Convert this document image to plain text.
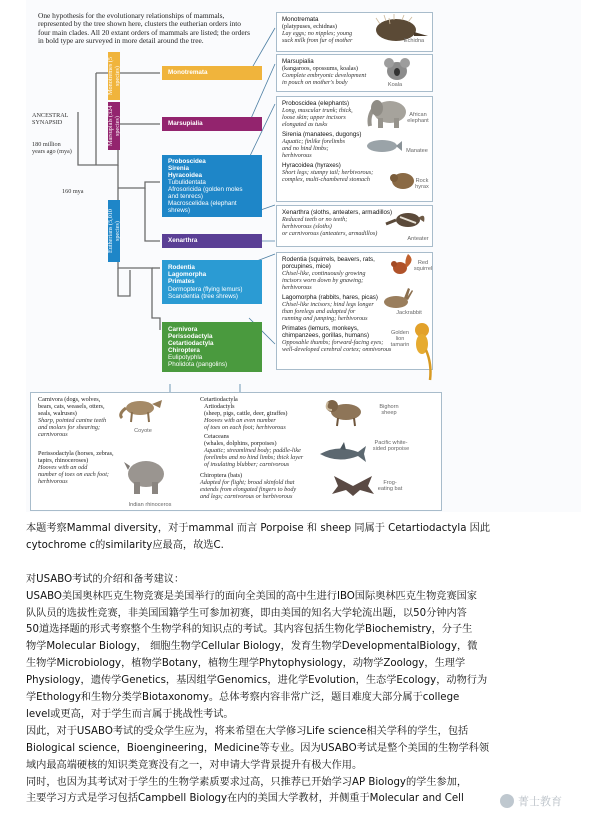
One hypothesis for the evolutionary relationships of mammals, represented by the tree shown here, clusters the eutherian orders into four main clades. All 20 extant orders of mammals are listed; the orders in bold type are surveyed in more detail around the tree.
ANCESTRAL SYNAPSID
180 million years ago (mya)
160 mya
Monotremes (5 species)
Marsupials (324 species)
Eutherians (5,010 species)
Monotremata
Marsupialia
Proboscidea
Sirenia
Hyracoidea
Tubulidentata
Afrosoricida (golden moles
and tenrecs)
Macroscelidea (elephant
shrews)
Xenarthra
Rodentia
Lagomorpha
Primates
Dermoptera (flying lemurs)
Scandentia (tree shrews)
Carnivora
Perissodactyla
Cetartiodactyla
Chiroptera
Eulipotyphla
Pholidota (pangolins)
Monotremata
(platypuses, echidnas)
Lay eggs; no nipples; young
suck milk from fur of mother	Echidna
Marsupialia
(kangaroos, opossums, koalas)
Complete embryonic development
in pouch on mother's body	Koala
Proboscidea (elephants)
Long, muscular trunk; thick,
loose skin; upper incisors
elongated as tusks
Sirenia (manatees, dugongs)
Aquatic; finlike forelimbs
and no hind limbs;
herbivorous
Hyracoidea (hyraxes)
Short legs; stumpy tail; herbivorous;
complex, multi-chambered stomach
African elephant
Manatee
Rock hyrax
Xenarthra (sloths, anteaters, armadillos)
Reduced teeth or no teeth;
herbivorous (sloths)
or carnivorous (anteaters, armadillos)
Anteater
Rodentia (squirrels, beavers, rats,
porcupines, mice)
Chisel-like, continuously growing
incisors worn down by gnawing;
herbivorous
Lagomorpha (rabbits, hares, picas)
Chisel-like incisors; hind legs longer
than forelegs and adapted for
running and jumping; herbivorous
Primates (lemurs, monkeys,
chimpanzees, gorillas, humans)
Opposable thumbs; forward-facing eyes;
well-developed cerebral cortex; omnivorous
Red squirrel
Jackrabbit
Golden lion tamarin
Carnivora (dogs, wolves,
bears, cats, weasels, otters,
seals, walruses)
Sharp, pointed canine teeth
and molars for shearing;
carnivorous	Coyote
Perissodactyla (horses, zebras,
tapirs, rhinoceroses)
Hooves with an odd
number of toes on each foot;
herbivorous
Indian rhinoceros
Cetartiodactyla
Artiodactyls
(sheep, pigs, cattle, deer, giraffes)
Hooves with an even number
of toes on each foot; herbivorous
Cetaceans
(whales, dolphins, porpoises)
Aquatic; streamlined body; paddle-like
forelimbs and no hind limbs; thick layer
of insulating blubber; carnivorous
Chiroptera (bats)
Adapted for flight; broad skinfold that
extends from elongated fingers to body
and legs; carnivorous or herbivorous
Bighorn sheep
Pacific white-sided porpoise
Frog-eating bat

本题考察Mammal diversity，对于mammal 而言 Porpoise 和 sheep 同属于 Cetartiodactyla 因此

cytochrome c的similarity应最高，故选C.

对USABO考试的介绍和备考建议：

USABO美国奥林匹克生物竞赛是美国举行的面向全美国的高中生进行IBO国际奥林匹克生物竞赛国家

队队员的选拔性竞赛，非美国国籍学生可参加初赛，即由美国的知名大学轮流出题，以50分钟内答

50道选择题的形式考察整个生物学科的知识点的考试。其内容包括生物化学Biochemistry，分子生

物学Molecular Biology， 细胞生物学Cellular Biology，发育生物学DevelopmentalBiology，微

生物学Microbiology，植物学Botany，植物生理学Phytophysiology，动物学Zoology，生理学

Physiology，遗传学Genetics，基因组学Genomics，进化学Evolution，生态学Ecology，动物行为

学Ethology和生物分类学Biotaxonomy。总体考察内容非常广泛，题目难度大部分属于college

level或更高，对于学生而言属于挑战性考试。

因此，对于USABO考试的受众学生应为，将来希望在大学修习Life science相关学科的学生，包括

Biological science，Bioengineering，Medicine等专业。因为USABO考试是整个美国的生物学科领

域内最高端硬核的知识类竞赛没有之一，对申请大学背景提升有极大作用。

同时，也因为其考试对于学生的生物学素质要求过高，只推荐已开始学习AP Biology的学生参加，

主要学习方式是学习包括Campbell Biology在内的美国大学教材，并侧重于Molecular and Cell	菁士教育
